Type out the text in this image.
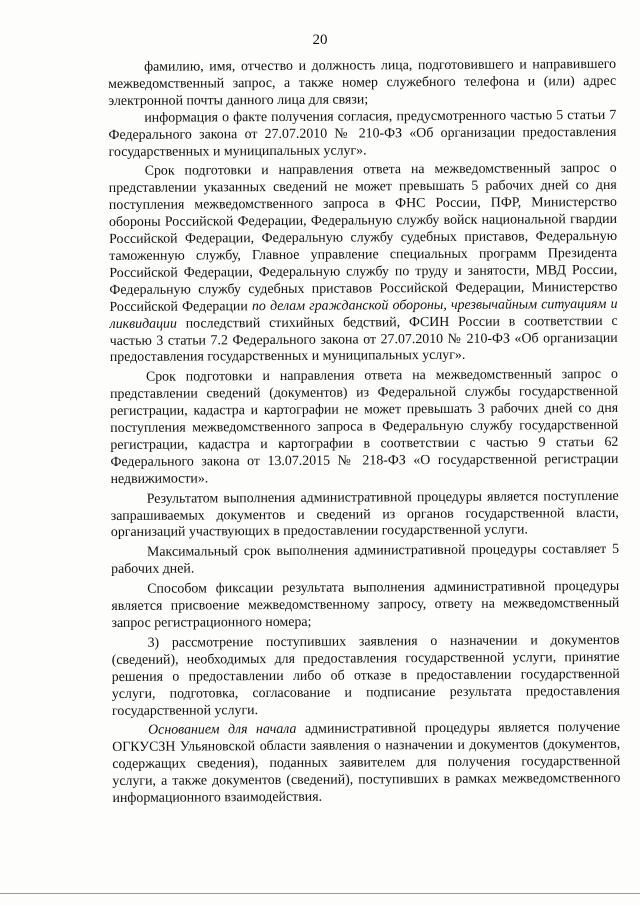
20

фамилию, имя, отчество и должность лица, подготовившего и направившего межведомственный запрос, а также номер служебного телефона и (или) адрес электронной почты данного лица для связи;

информация о факте получения согласия, предусмотренного частью 5 статьи 7 Федерального закона от 27.07.2010 № 210-ФЗ «Об организации предоставления государственных и муниципальных услуг».

Срок подготовки и направления ответа на межведомственный запрос о представлении указанных сведений не может превышать 5 рабочих дней со дня поступления межведомственного запроса в ФНС России, ПФР, Министерство обороны Российской Федерации, Федеральную службу войск национальной гвардии Российской Федерации, Федеральную службу судебных приставов, Федеральную таможенную службу, Главное управление специальных программ Президента Российской Федерации, Федеральную службу по труду и занятости, МВД России, Федеральную службу судебных приставов Российской Федерации, Министерство Российской Федерации по делам гражданской обороны, чрезвычайным ситуациям и ликвидации последствий стихийных бедствий, ФСИН России в соответствии с частью 3 статьи 7.2 Федерального закона от 27.07.2010 № 210-ФЗ «Об организации предоставления государственных и муниципальных услуг».

Срок подготовки и направления ответа на межведомственный запрос о представлении сведений (документов) из Федеральной службы государственной регистрации, кадастра и картографии не может превышать 3 рабочих дней со дня поступления межведомственного запроса в Федеральную службу государственной регистрации, кадастра и картографии в соответствии с частью 9 статьи 62 Федерального закона от 13.07.2015 № 218-ФЗ «О государственной регистрации недвижимости».

Результатом выполнения административной процедуры является поступление запрашиваемых документов и сведений из органов государственной власти, организаций участвующих в предоставлении государственной услуги.

Максимальный срок выполнения административной процедуры составляет 5 рабочих дней.

Способом фиксации результата выполнения административной процедуры является присвоение межведомственному запросу, ответу на межведомственный запрос регистрационного номера;

3) рассмотрение поступивших заявления о назначении и документов (сведений), необходимых для предоставления государственной услуги, принятие решения о предоставлении либо об отказе в предоставлении государственной услуги, подготовка, согласование и подписание результата предоставления государственной услуги.

Основанием для начала административной процедуры является получение ОГКУСЗН Ульяновской области заявления о назначении и документов (документов, содержащих сведения), поданных заявителем для получения государственной услуги, а также документов (сведений), поступивших в рамках межведомственного информационного взаимодействия.
